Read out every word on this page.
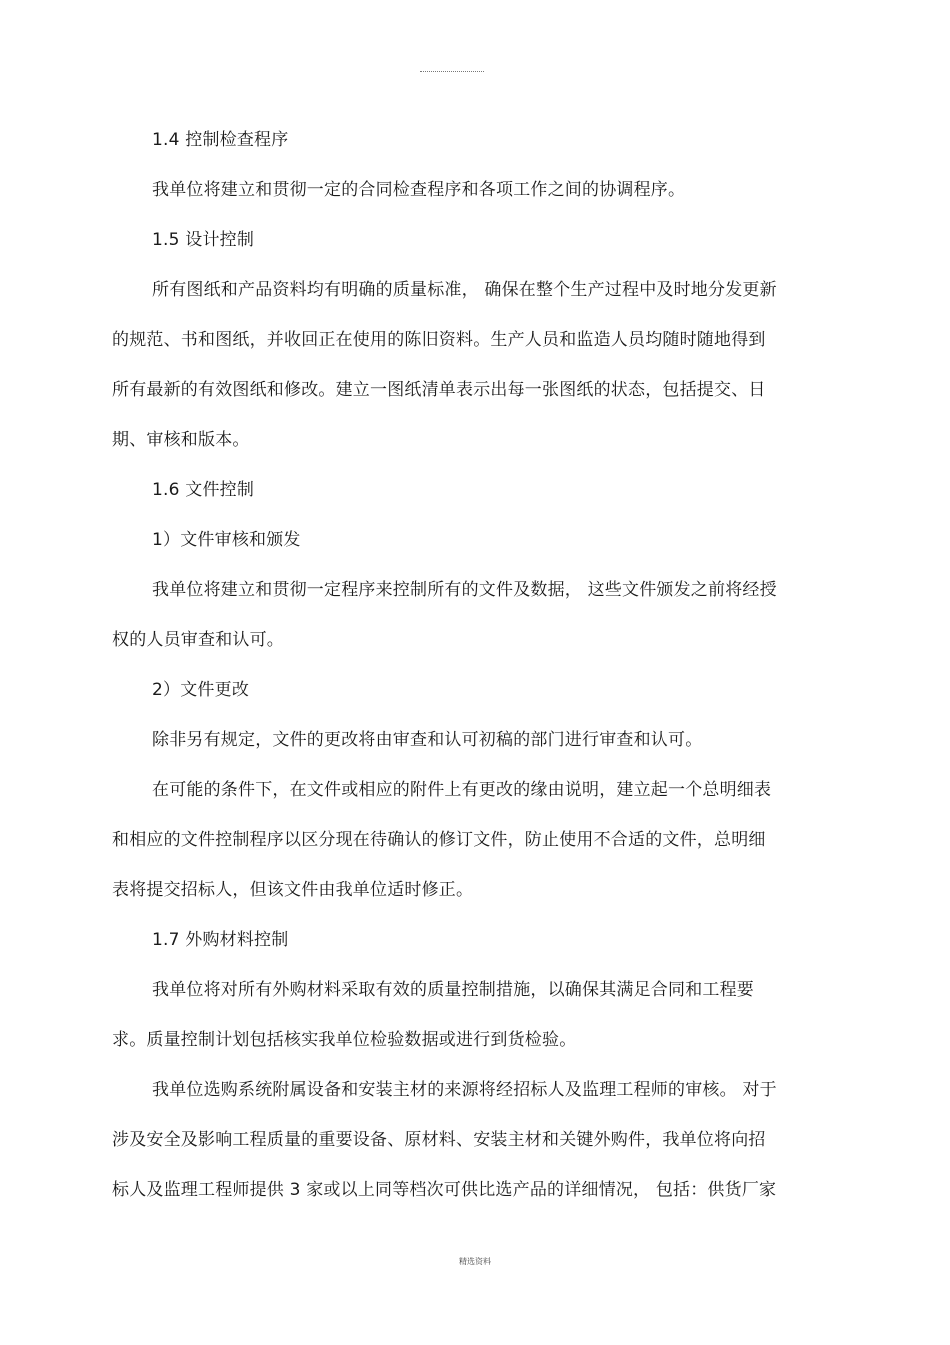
1.4 控制检查程序
我单位将建立和贯彻一定的合同检查程序和各项工作之间的协调程序。
1.5 设计控制
所有图纸和产品资料均有明确的质量标准， 确保在整个生产过程中及时地分发更新
的规范、书和图纸，并收回正在使用的陈旧资料。生产人员和监造人员均随时随地得到
所有最新的有效图纸和修改。建立一图纸清单表示出每一张图纸的状态，包括提交、日
期、审核和版本。
1.6 文件控制
1）文件审核和颁发
我单位将建立和贯彻一定程序来控制所有的文件及数据， 这些文件颁发之前将经授
权的人员审查和认可。
2）文件更改
除非另有规定，文件的更改将由审查和认可初稿的部门进行审查和认可。
在可能的条件下，在文件或相应的附件上有更改的缘由说明，建立起一个总明细表
和相应的文件控制程序以区分现在待确认的修订文件，防止使用不合适的文件，总明细
表将提交招标人，但该文件由我单位适时修正。
1.7 外购材料控制
我单位将对所有外购材料采取有效的质量控制措施，以确保其满足合同和工程要
求。质量控制计划包括核实我单位检验数据或进行到货检验。
我单位选购系统附属设备和安装主材的来源将经招标人及监理工程师的审核。 对于
涉及安全及影响工程质量的重要设备、原材料、安装主材和关键外购件，我单位将向招
标人及监理工程师提供 3 家或以上同等档次可供比选产品的详细情况， 包括：供货厂家
精选资料
